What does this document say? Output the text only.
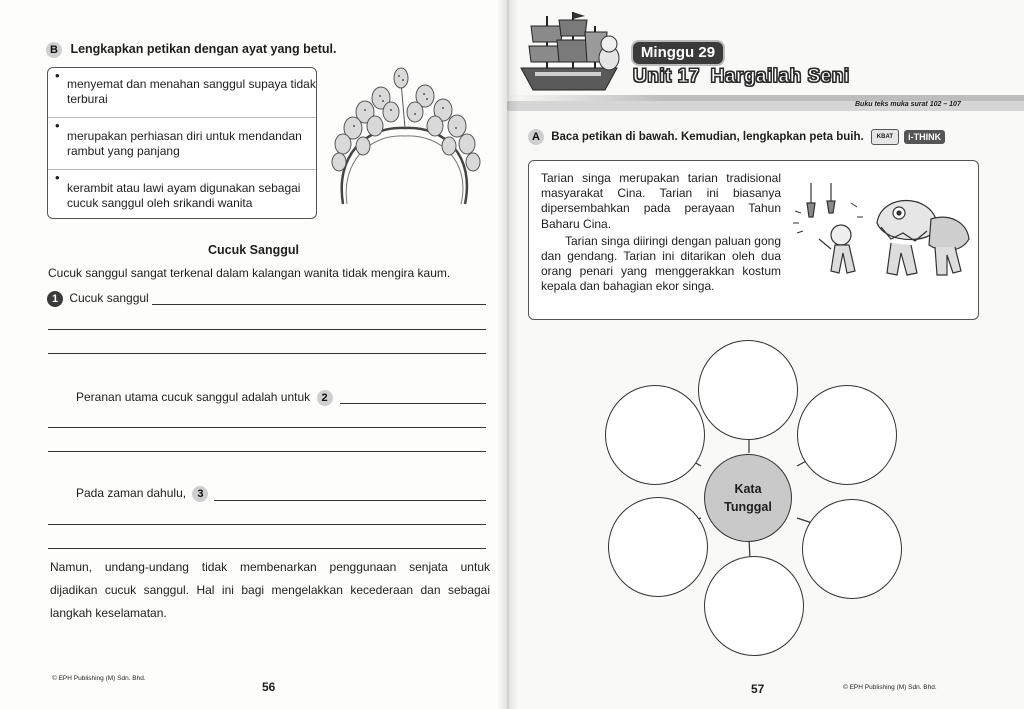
B Lengkapkan petikan dengan ayat yang betul.
• menyemat dan menahan sanggul supaya tidak terburai
• merupakan perhiasan diri untuk mendandan rambut yang panjang
• kerambit atau lawi ayam digunakan sebagai cucuk sanggul oleh srikandi wanita
Cucuk Sanggul
Cucuk sanggul sangat terkenal dalam kalangan wanita tidak mengira kaum.
1 Cucuk sanggul
Peranan utama cucuk sanggul adalah untuk 2
Pada zaman dahulu, 3
Namun, undang-undang tidak membenarkan penggunaan senjata untuk
dijadikan cucuk sanggul. Hal ini bagi mengelakkan kecederaan dan sebagai
langkah keselamatan.
© EPH Publishing (M) Sdn. Bhd.
56
Minggu 29
Unit 17 Hargailah Seni
Buku teks muka surat 102 – 107
A Baca petikan di bawah. Kemudian, lengkapkan peta buih. KBAT i-THINK

Tarian singa merupakan tarian tradisional masyarakat Cina. Tarian ini biasanya dipersembahkan pada perayaan Tahun Baharu Cina.

Tarian singa diiringi dengan paluan gong dan gendang. Tarian ini ditarikan oleh dua orang penari yang menggerakkan kostum kepala dan bahagian ekor singa.

Kata Tunggal
57	© EPH Publishing (M) Sdn. Bhd.
